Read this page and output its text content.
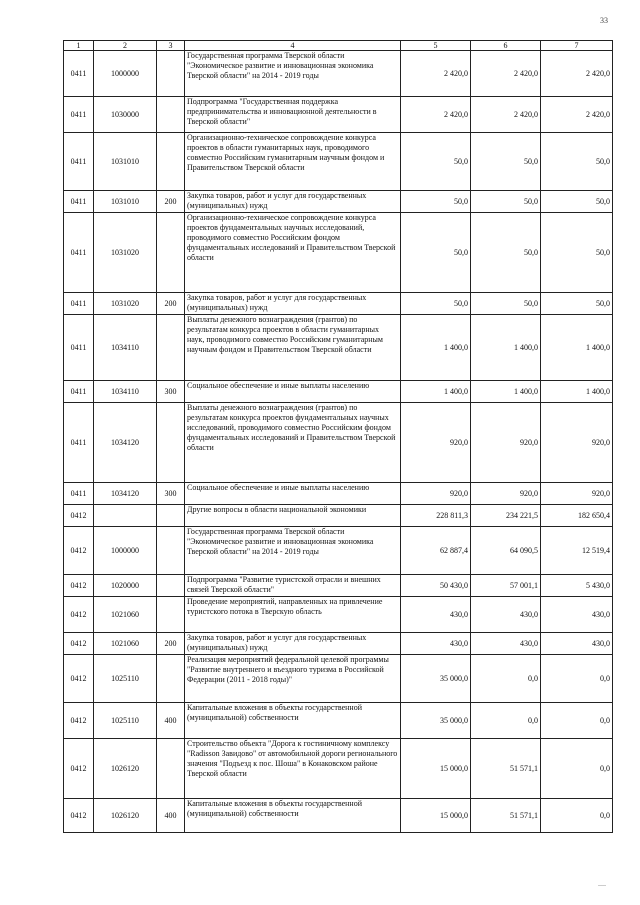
33
1	2	3	4	5	6	7
0411	1000000		Государственная программа Тверской области "Экономическое развитие и инновационная экономика Тверской области" на 2014 - 2019 годы	2 420,0	2 420,0	2 420,0
0411	1030000		Подпрограмма "Государственная поддержка предпринимательства и инновационной деятельности в Тверской области"	2 420,0	2 420,0	2 420,0
0411	1031010		Организационно-техническое сопровождение конкурса проектов в области гуманитарных наук, проводимого совместно Российским гуманитарным научным фондом и Правительством Тверской области	50,0	50,0	50,0
0411	1031010	200	Закупка товаров, работ и услуг для государственных (муниципальных) нужд	50,0	50,0	50,0
0411	1031020		Организационно-техническое сопровождение конкурса проектов фундаментальных научных исследований, проводимого совместно Российским фондом фундаментальных исследований и Правительством Тверской области	50,0	50,0	50,0
0411	1031020	200	Закупка товаров, работ и услуг для государственных (муниципальных) нужд	50,0	50,0	50,0
0411	1034110		Выплаты денежного вознаграждения (грантов) по результатам конкурса проектов в области гуманитарных наук, проводимого совместно Российским гуманитарным научным фондом и Правительством Тверской области	1 400,0	1 400,0	1 400,0
0411	1034110	300	Социальное обеспечение и иные выплаты населению	1 400,0	1 400,0	1 400,0
0411	1034120		Выплаты денежного вознаграждения (грантов) по результатам конкурса проектов фундаментальных научных исследований, проводимого совместно Российским фондом фундаментальных исследований и Правительством Тверской области	920,0	920,0	920,0
0411	1034120	300	Социальное обеспечение и иные выплаты населению	920,0	920,0	920,0
0412			Другие вопросы в области национальной экономики	228 811,3	234 221,5	182 650,4
0412	1000000		Государственная программа Тверской области "Экономическое развитие и инновационная экономика Тверской области" на 2014 - 2019 годы	62 887,4	64 090,5	12 519,4
0412	1020000		Подпрограмма "Развитие туристской отрасли и внешних связей Тверской области"	50 430,0	57 001,1	5 430,0
0412	1021060		Проведение мероприятий, направленных на привлечение туристского потока в Тверскую область	430,0	430,0	430,0
0412	1021060	200	Закупка товаров, работ и услуг для государственных (муниципальных) нужд	430,0	430,0	430,0
0412	1025110		Реализация мероприятий федеральной целевой программы "Развитие внутреннего и въездного туризма в Российской Федерации (2011 - 2018 годы)"	35 000,0	0,0	0,0
0412	1025110	400	Капитальные вложения в объекты государственной (муниципальной) собственности	35 000,0	0,0	0,0
0412	1026120		Строительство объекта "Дорога к гостиничному комплексу "Radisson Завидово" от автомобильной дороги регионального значения "Подъезд к пос. Шоша" в Конаковском районе Тверской области	15 000,0	51 571,1	0,0
0412	1026120	400	Капитальные вложения в объекты государственной (муниципальной) собственности	15 000,0	51 571,1	0,0
----
